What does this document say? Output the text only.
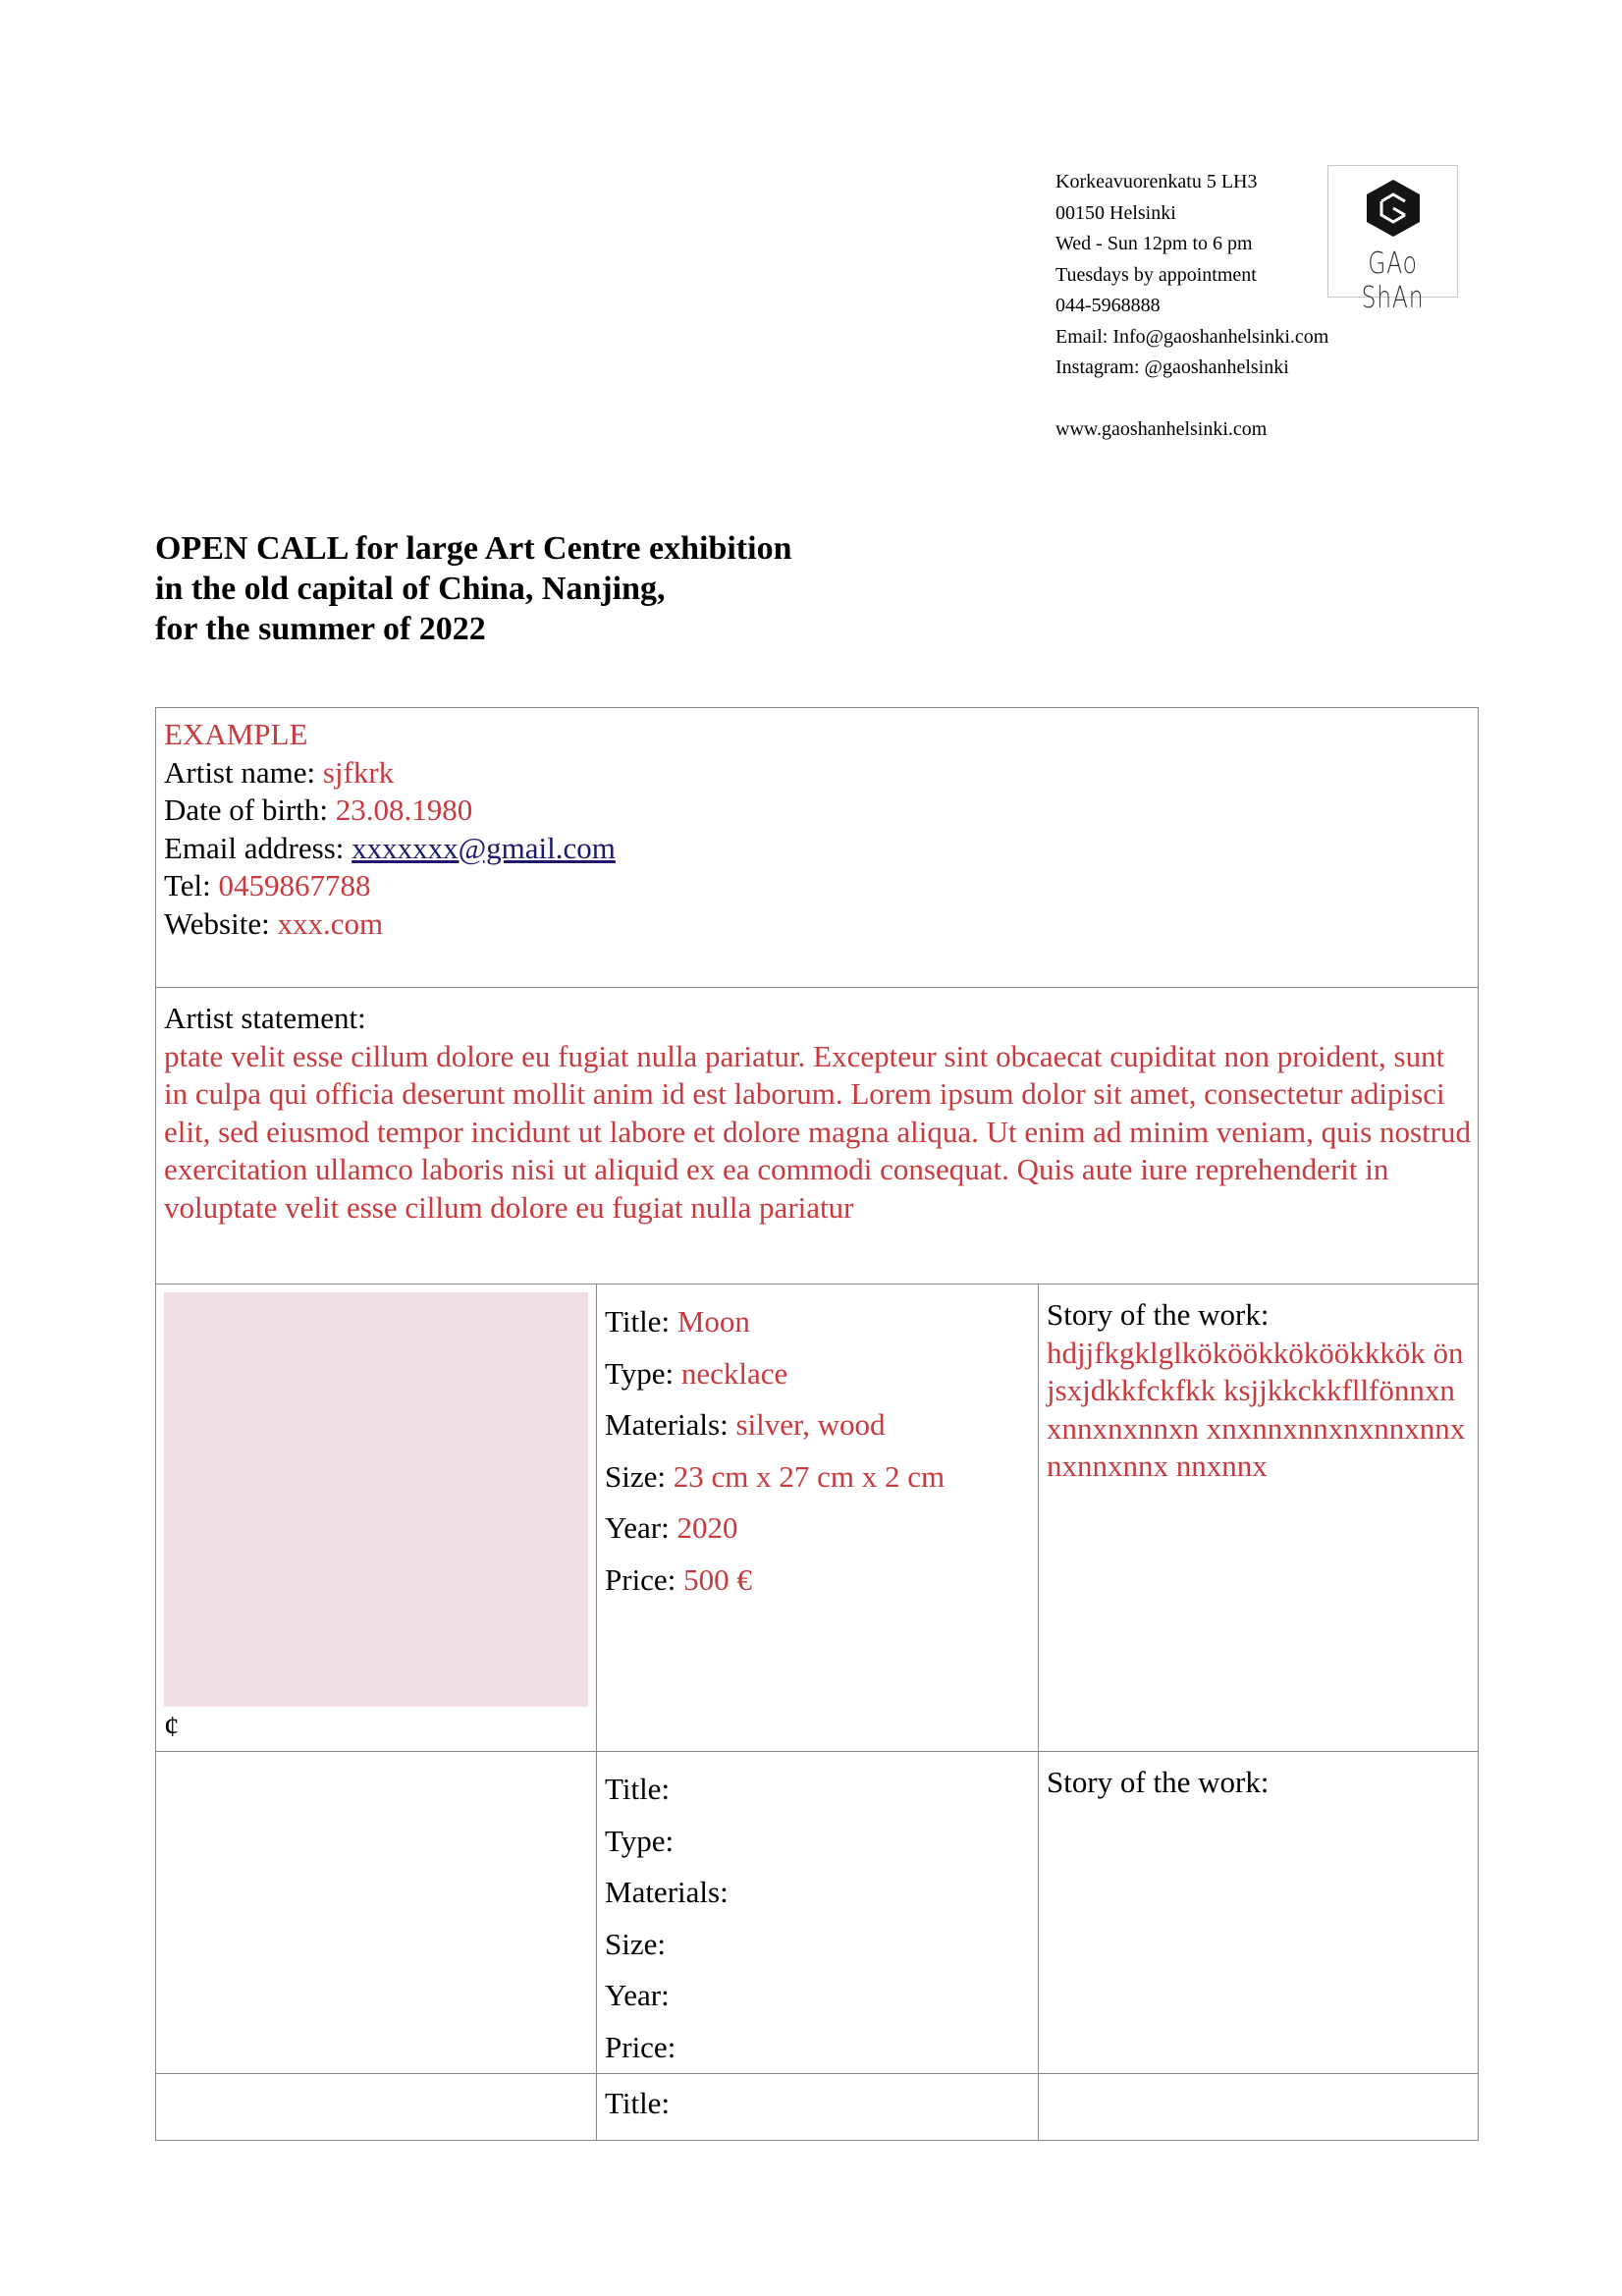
Korkeavuorenkatu 5 LH3
00150 Helsinki
Wed - Sun 12pm to 6 pm
Tuesdays by appointment
044-5968888
Email: Info@gaoshanhelsinki.com
Instagram: @gaoshanhelsinki
www.gaoshanhelsinki.com
GAo ShAn
OPEN CALL for large Art Centre exhibition
in the old capital of China, Nanjing,
for the summer of 2022
EXAMPLE
Artist name: sjfkrk
Date of birth: 23.08.1980
Email address: xxxxxxx@gmail.com
Tel: 0459867788
Website: xxx.com
Artist statement:
ptate velit esse cillum dolore eu fugiat nulla pariatur. Excepteur sint obcaecat cupiditat non proident, sunt in culpa qui officia deserunt mollit anim id est laborum. Lorem ipsum dolor sit amet, consectetur adipisci elit, sed eiusmod tempor incidunt ut labore et dolore magna aliqua. Ut enim ad minim veniam, quis nostrud exercitation ullamco laboris nisi ut aliquid ex ea commodi consequat. Quis aute iure reprehenderit in voluptate velit esse cillum dolore eu fugiat nulla pariatur
¢
Title: Moon
Type: necklace
Materials: silver, wood
Size: 23 cm x 27 cm x 2 cm
Year: 2020
Price: 500 €
Story of the work:
hdjjfkgklglkököökkököökkkök önjsxjdkkfckfkk ksjjkkckkfllfönnxnxnnxnxnnxn xnxnnxnnxnxnnxnnxnxnnxnnx nnxnnx
Title:
Type:
Materials:
Size:
Year:
Price:
Story of the work:
Title:
